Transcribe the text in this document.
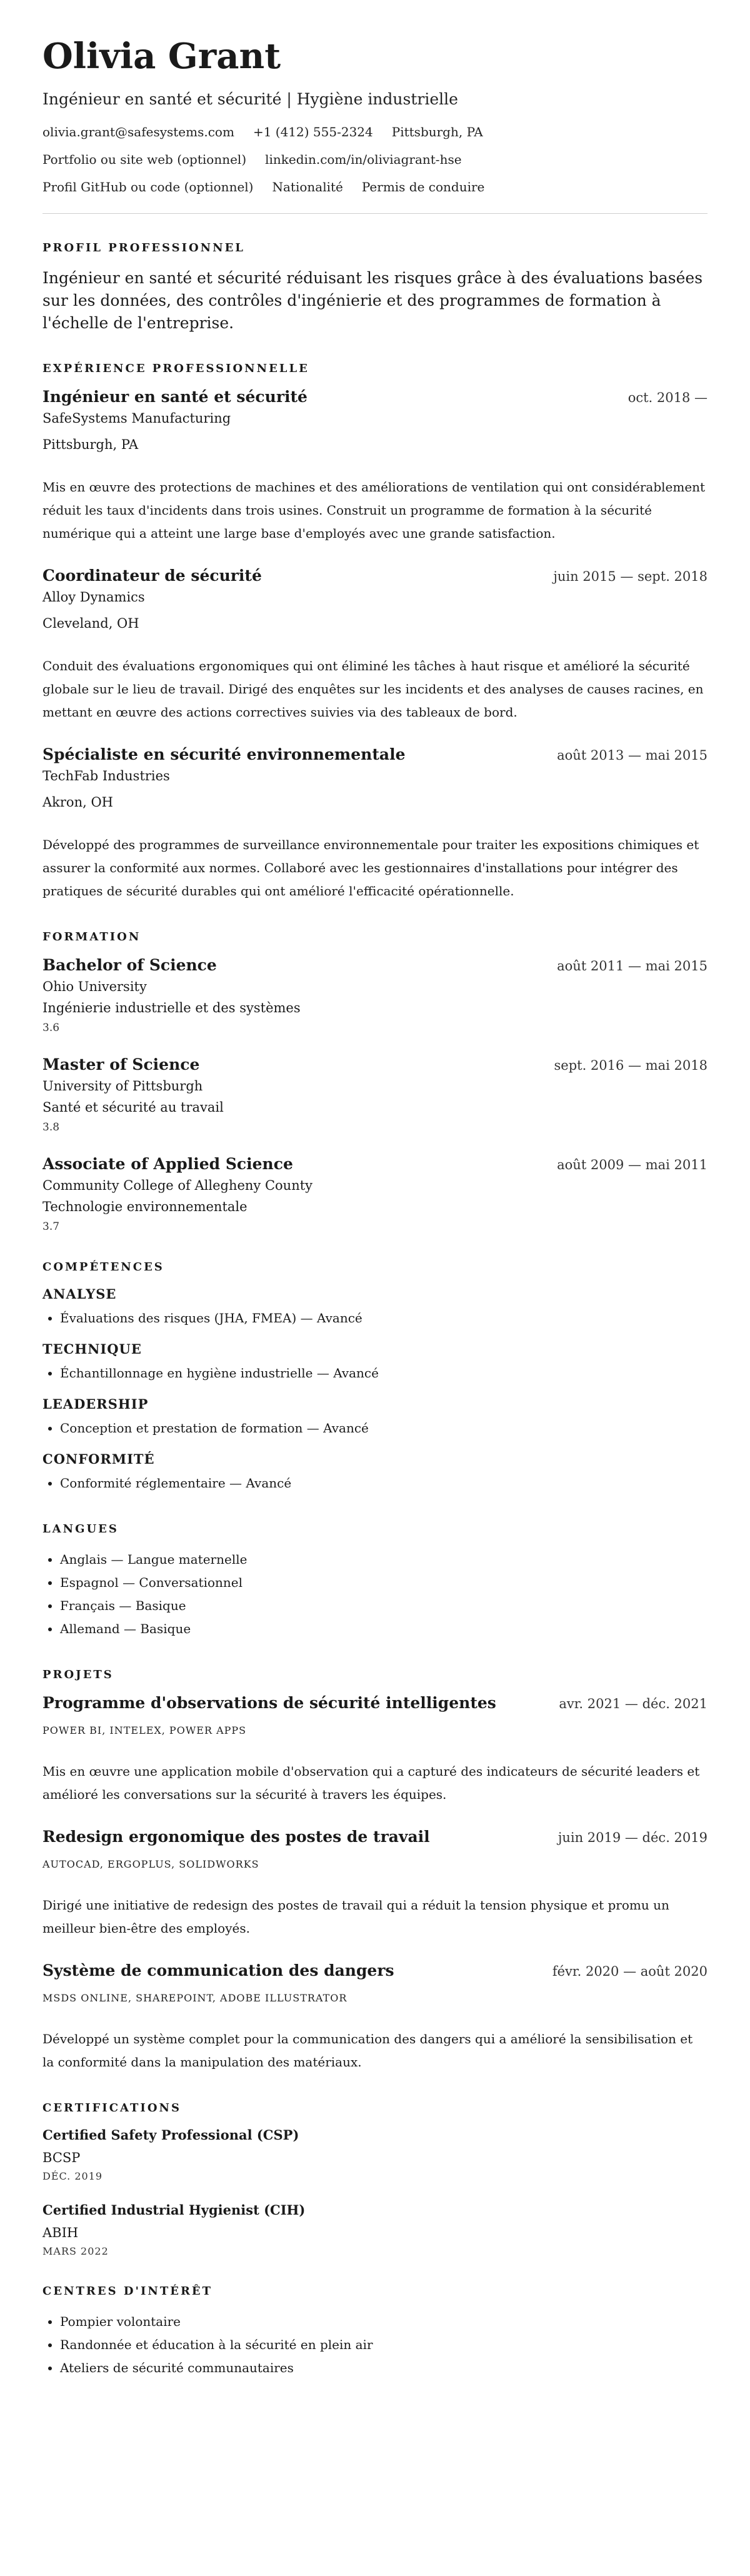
Olivia Grant
Ingénieur en santé et sécurité | Hygiène industrielle
olivia.grant@safesystems.com +1 (412) 555-2324 Pittsburgh, PA
Portfolio ou site web (optionnel) linkedin.com/in/oliviagrant-hse
Profil GitHub ou code (optionnel) Nationalité Permis de conduire
PROFIL PROFESSIONNEL

Ingénieur en santé et sécurité réduisant les risques grâce à des évaluations basées sur les données, des contrôles d'ingénierie et des programmes de formation à l'échelle de l'entreprise.

EXPÉRIENCE PROFESSIONNELLE
Ingénieur en santé et sécurité	oct. 2018 —
SafeSystems Manufacturing
Pittsburgh, PA
Mis en œuvre des protections de machines et des améliorations de ventilation qui ont considérablement réduit les taux d'incidents dans trois usines. Construit un programme de formation à la sécurité numérique qui a atteint une large base d'employés avec une grande satisfaction.
Coordinateur de sécurité	juin 2015 — sept. 2018
Alloy Dynamics
Cleveland, OH
Conduit des évaluations ergonomiques qui ont éliminé les tâches à haut risque et amélioré la sécurité globale sur le lieu de travail. Dirigé des enquêtes sur les incidents et des analyses de causes racines, en mettant en œuvre des actions correctives suivies via des tableaux de bord.
Spécialiste en sécurité environnementale	août 2013 — mai 2015
TechFab Industries
Akron, OH
Développé des programmes de surveillance environnementale pour traiter les expositions chimiques et assurer la conformité aux normes. Collaboré avec les gestionnaires d'installations pour intégrer des pratiques de sécurité durables qui ont amélioré l'efficacité opérationnelle.
FORMATION
Bachelor of Science	août 2011 — mai 2015
Ohio University
Ingénierie industrielle et des systèmes
3.6
Master of Science	sept. 2016 — mai 2018
University of Pittsburgh
Santé et sécurité au travail
3.8
Associate of Applied Science	août 2009 — mai 2011
Community College of Allegheny County
Technologie environnementale
3.7
COMPÉTENCES
ANALYSE
• Évaluations des risques (JHA, FMEA) — Avancé
TECHNIQUE
• Échantillonnage en hygiène industrielle — Avancé
LEADERSHIP
• Conception et prestation de formation — Avancé
CONFORMITÉ
• Conformité réglementaire — Avancé
LANGUES
• Anglais — Langue maternelle
• Espagnol — Conversationnel
• Français — Basique
• Allemand — Basique
PROJETS
Programme d'observations de sécurité intelligentes	avr. 2021 — déc. 2021
POWER BI, INTELEX, POWER APPS
Mis en œuvre une application mobile d'observation qui a capturé des indicateurs de sécurité leaders et amélioré les conversations sur la sécurité à travers les équipes.
Redesign ergonomique des postes de travail	juin 2019 — déc. 2019
AUTOCAD, ERGOPLUS, SOLIDWORKS
Dirigé une initiative de redesign des postes de travail qui a réduit la tension physique et promu un meilleur bien-être des employés.
Système de communication des dangers	févr. 2020 — août 2020
MSDS ONLINE, SHAREPOINT, ADOBE ILLUSTRATOR
Développé un système complet pour la communication des dangers qui a amélioré la sensibilisation et la conformité dans la manipulation des matériaux.
CERTIFICATIONS
Certified Safety Professional (CSP)
BCSP
DÉC. 2019
Certified Industrial Hygienist (CIH)
ABIH
MARS 2022
CENTRES D'INTÉRÊT
• Pompier volontaire
• Randonnée et éducation à la sécurité en plein air
• Ateliers de sécurité communautaires
